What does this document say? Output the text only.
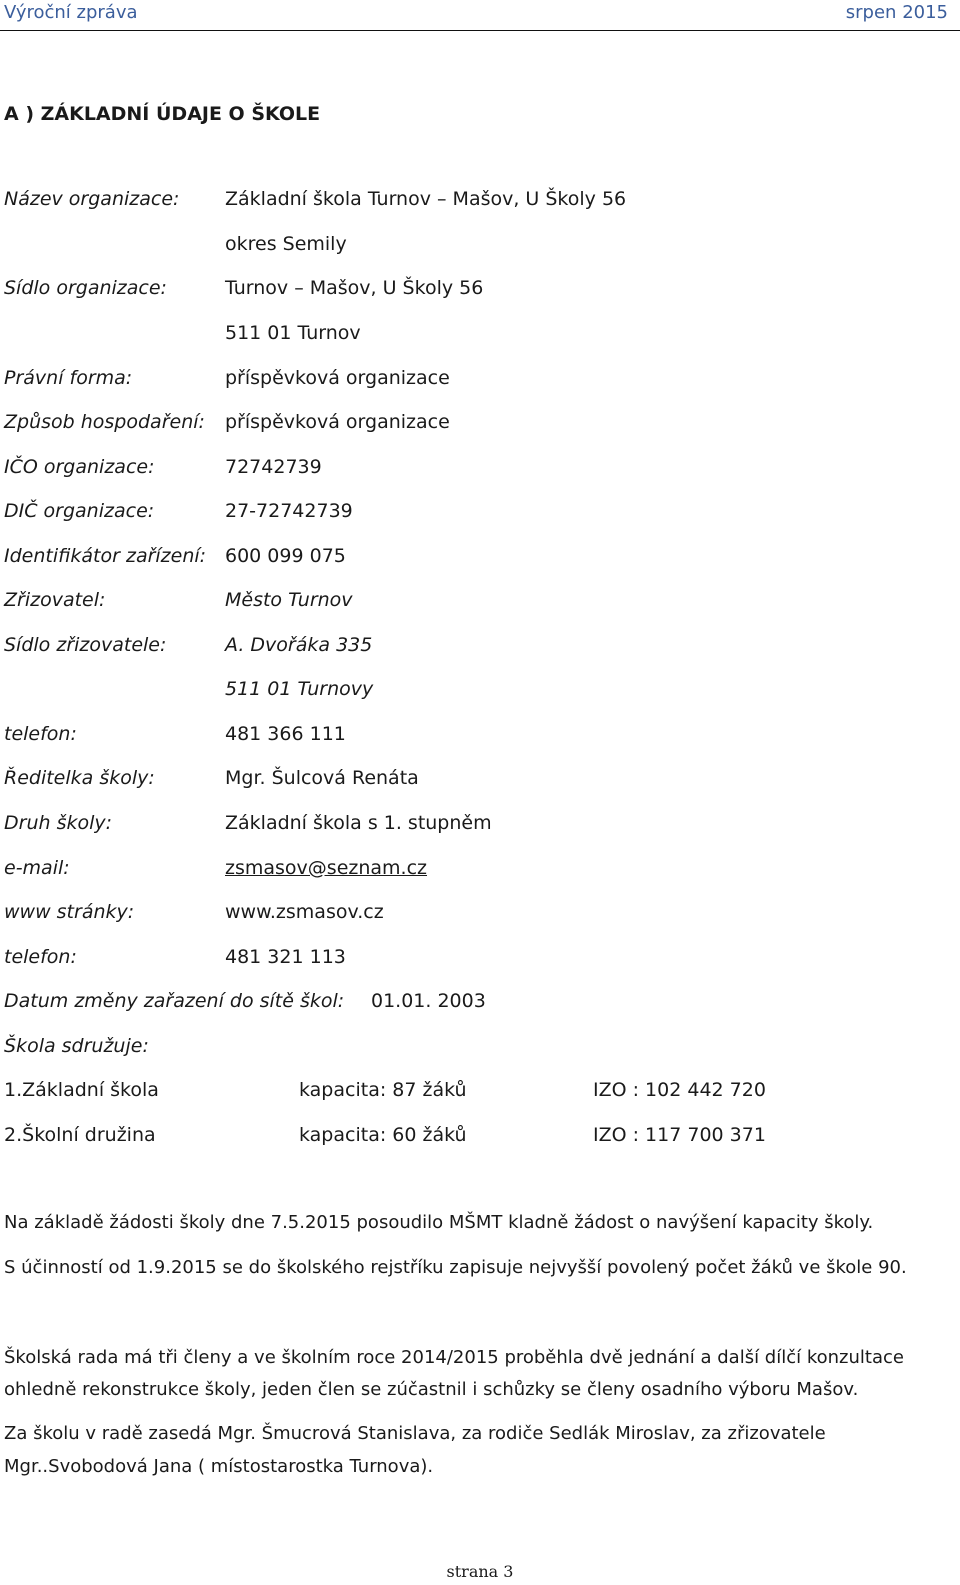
Výroční zpráva	srpen 2015
A ) ZÁKLADNÍ ÚDAJE O ŠKOLE
Název organizace: Základní škola Turnov – Mašov, U Školy 56
okres Semily
Sídlo organizace:	Turnov – Mašov, U Školy 56
511 01 Turnov
Právní forma:	příspěvková organizace
Způsob hospodaření: příspěvková organizace
IČO organizace:	72742739
DIČ organizace:	27-72742739
Identifikátor zařízení: 600 099 075
Zřizovatel:	Město Turnov
Sídlo zřizovatele:	A. Dvořáka 335
511 01 Turnovy
telefon:	481 366 111
Ředitelka školy:	Mgr. Šulcová Renáta
Druh školy:	Základní škola s 1. stupněm
e-mail:	zsmasov@seznam.cz
www stránky:	www.zsmasov.cz
telefon:	481 321 113
Datum změny zařazení do sítě škol: 01.01. 2003
Škola sdružuje:
1.Základní škola	kapacita: 87 žáků	IZO : 102 442 720
2.Školní družina	kapacita: 60 žáků	IZO : 117 700 371
Na základě žádosti školy dne 7.5.2015 posoudilo MŠMT kladně žádost o navýšení kapacity školy.
S účinností od 1.9.2015 se do školského rejstříku zapisuje nejvyšší povolený počet žáků ve škole 90.
Školská rada má tři členy a ve školním roce 2014/2015 proběhla dvě jednání a další dílčí konzultace
ohledně rekonstrukce školy, jeden člen se zúčastnil i schůzky se členy osadního výboru Mašov.
Za školu v radě zasedá Mgr. Šmucrová Stanislava, za rodiče Sedlák Miroslav, za zřizovatele
Mgr..Svobodová Jana ( místostarostka Turnova).
strana 3
